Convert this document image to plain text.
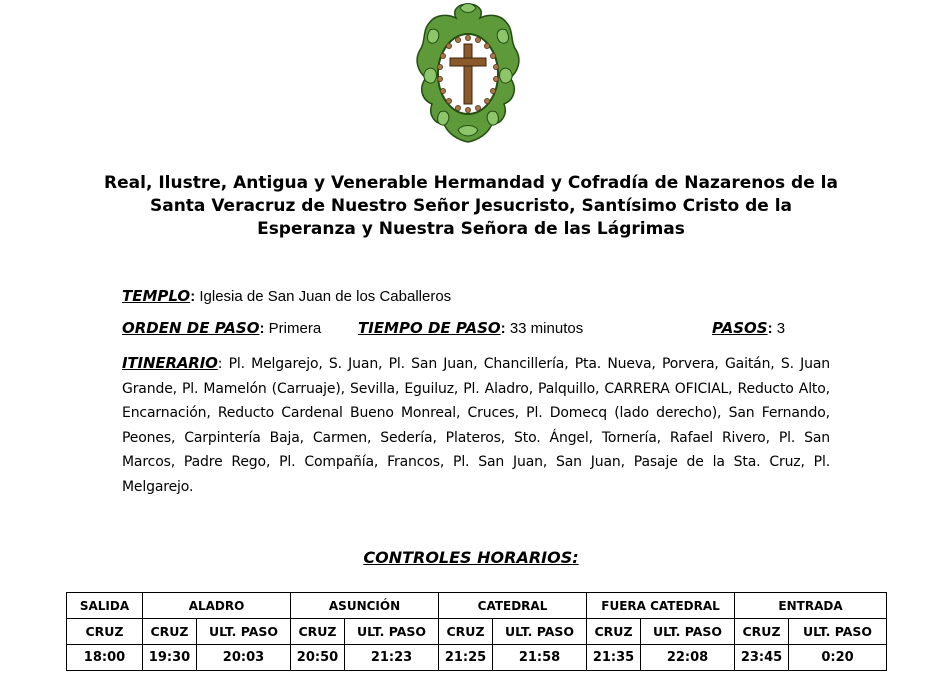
Real, Ilustre, Antigua y Venerable Hermandad y Cofradía de Nazarenos de la
Santa Veracruz de Nuestro Señor Jesucristo, Santísimo Cristo de la
Esperanza y Nuestra Señora de las Lágrimas
TEMPLO: Iglesia de San Juan de los Caballeros
ORDEN DE PASO: Primera TIEMPO DE PASO: 33 minutos	PASOS: 3
ITINERARIO: Pl. Melgarejo, S. Juan, Pl. San Juan, Chancillería, Pta. Nueva, Porvera, Gaitán, S. Juan Grande, Pl. Mamelón (Carruaje), Sevilla, Eguiluz, Pl. Aladro, Palquillo, CARRERA OFICIAL, Reducto Alto, Encarnación, Reducto Cardenal Bueno Monreal, Cruces, Pl. Domecq (lado derecho), San Fernando, Peones, Carpintería Baja, Carmen, Sedería, Plateros, Sto. Ángel, Tornería, Rafael Rivero, Pl. San Marcos, Padre Rego, Pl. Compañía, Francos, Pl. San Juan, San Juan, Pasaje de la Sta. Cruz, Pl. Melgarejo.
CONTROLES HORARIOS:
SALIDA	ALADRO		ASUNCIÓN		CATEDRAL		FUERA CATEDRAL		ENTRADA	
CRUZ	CRUZ	ULT. PASO	CRUZ	ULT. PASO	CRUZ	ULT. PASO	CRUZ	ULT. PASO	CRUZ	ULT. PASO
18:00	19:30	20:03	20:50	21:23	21:25	21:58	21:35	22:08	23:45	0:20
